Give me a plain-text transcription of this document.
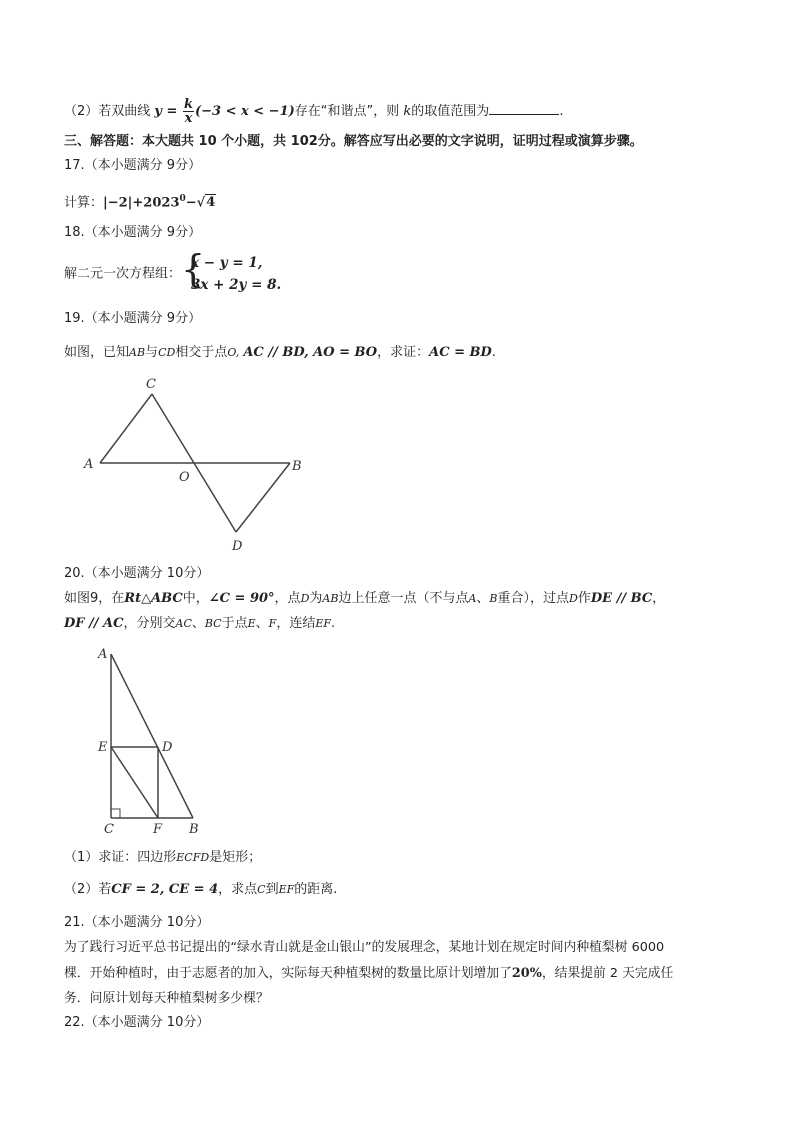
（2）若双曲线 $y = \frac{k}{x} (-3 < x < -1)$存在“和谐点”，则 k的取值范围为	.
三、解答题：本大题共 10 个小题，共 102分。解答应写出必要的文字说明，证明过程或演算步骤。
17.（本小题满分 9分）
计算：$|-2|+2023^0-√4$
18.（本小题满分 9分）
解二元一次方程组： {
x − y = 1,
3x + 2y = 8.
19.（本小题满分 9分）
如图，已知AB与CD相交于点O, AC // BD, AO = BO，求证：AC = BD.
A	B
C
D
O
20.（本小题满分 10分）
如图9，在Rt△ABC中，∠C = 90°，点D为AB边上任意一点（不与点A、B重合），过点D作DE // BC，
DF // AC，分别交AC、BC于点E、F，连结EF.
A
E	D
C	F B
（1）求证：四边形ECFD是矩形；
（2）若CF = 2, CE = 4，求点C到EF的距离.
21.（本小题满分 10分）
为了践行习近平总书记提出的“绿水青山就是金山银山”的发展理念，某地计划在规定时间内种植梨树 6000
棵．开始种植时，由于志愿者的加入，实际每天种植梨树的数量比原计划增加了20%，结果提前 2 天完成任
务．问原计划每天种植梨树多少棵？
22.（本小题满分 10分）
